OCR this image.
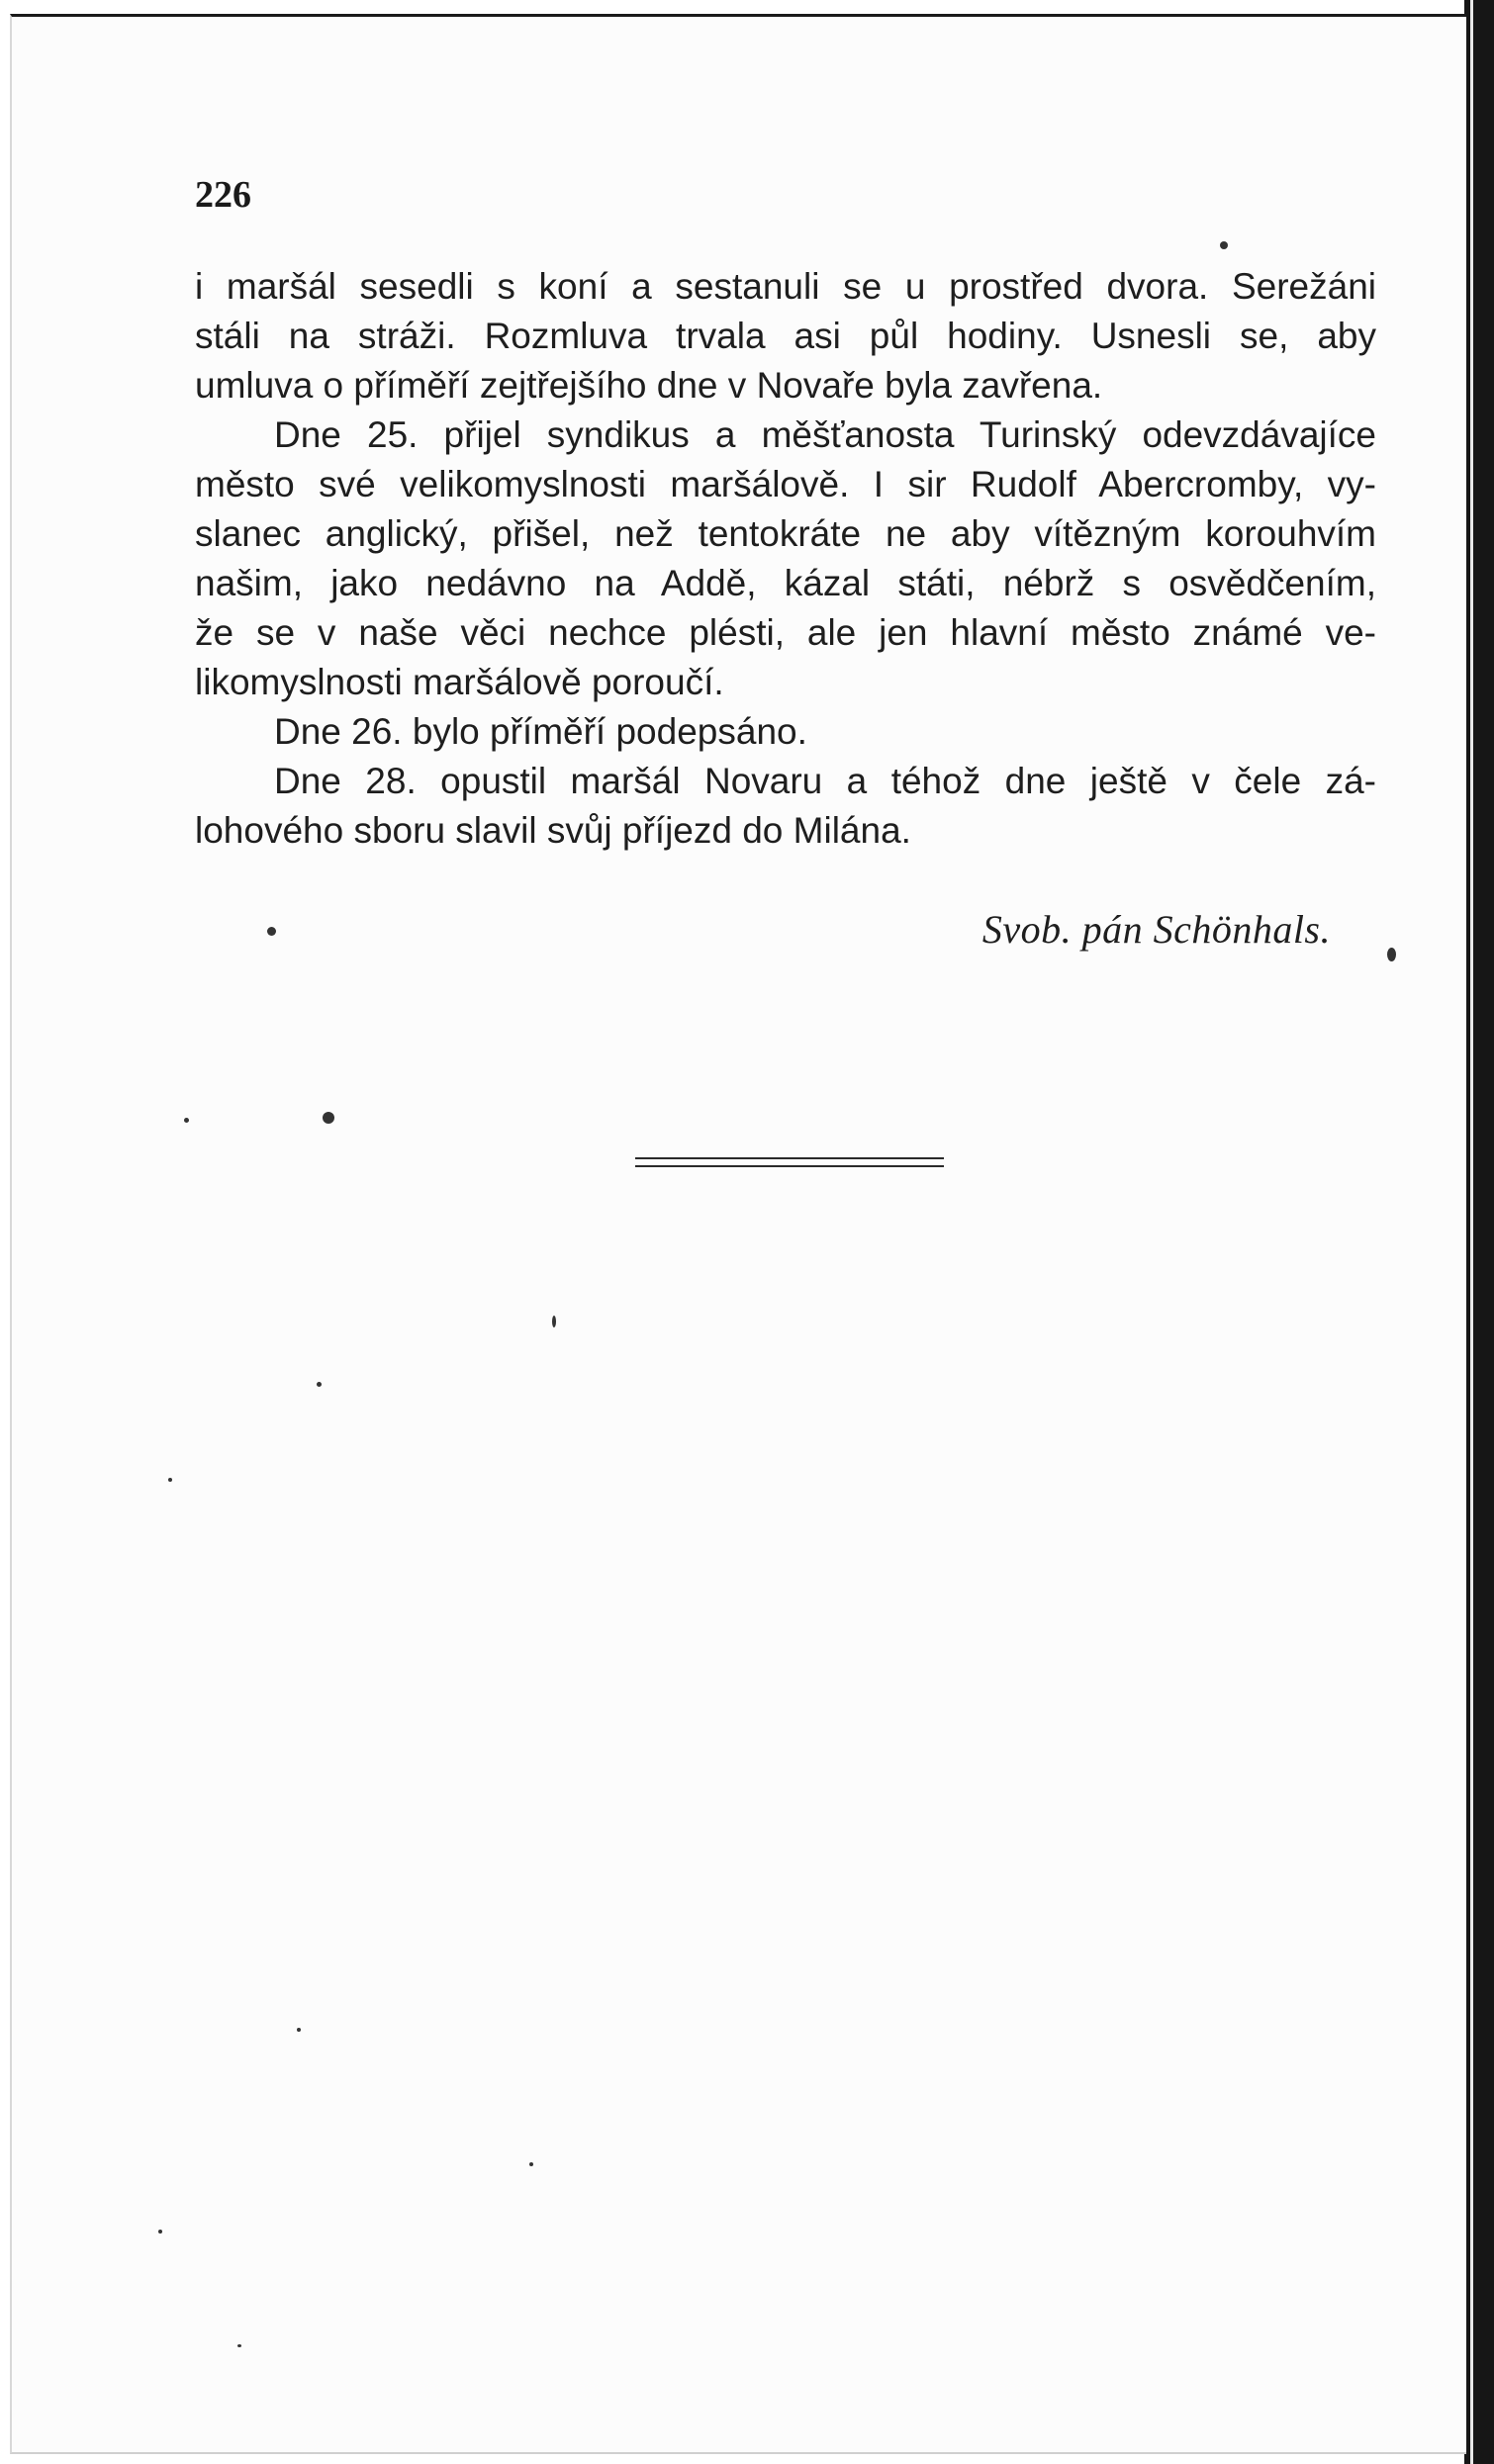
226

i maršál sesedli s koní a sestanuli se u prostřed dvora. Serežáni
stáli na stráži. Rozmluva trvala asi půl hodiny. Usnesli se, aby
umluva o příměří zejtřejšího dne v Novaře byla zavřena.

Dne 25. přijel syndikus a měšťanosta Turinský odevzdávajíce
město své velikomyslnosti maršálově. I sir Rudolf Abercromby, vy-
slanec anglický, přišel, než tentokráte ne aby vítězným korouhvím
našim, jako nedávno na Addě, kázal státi, nébrž s osvědčením,
že se v naše věci nechce plésti, ale jen hlavní město známé ve-
likomyslnosti maršálově poroučí.

Dne 26. bylo příměří podepsáno.

Dne 28. opustil maršál Novaru a téhož dne ještě v čele zá-
lohového sboru slavil svůj příjezd do Milána.

Svob. pán Schönhals.
